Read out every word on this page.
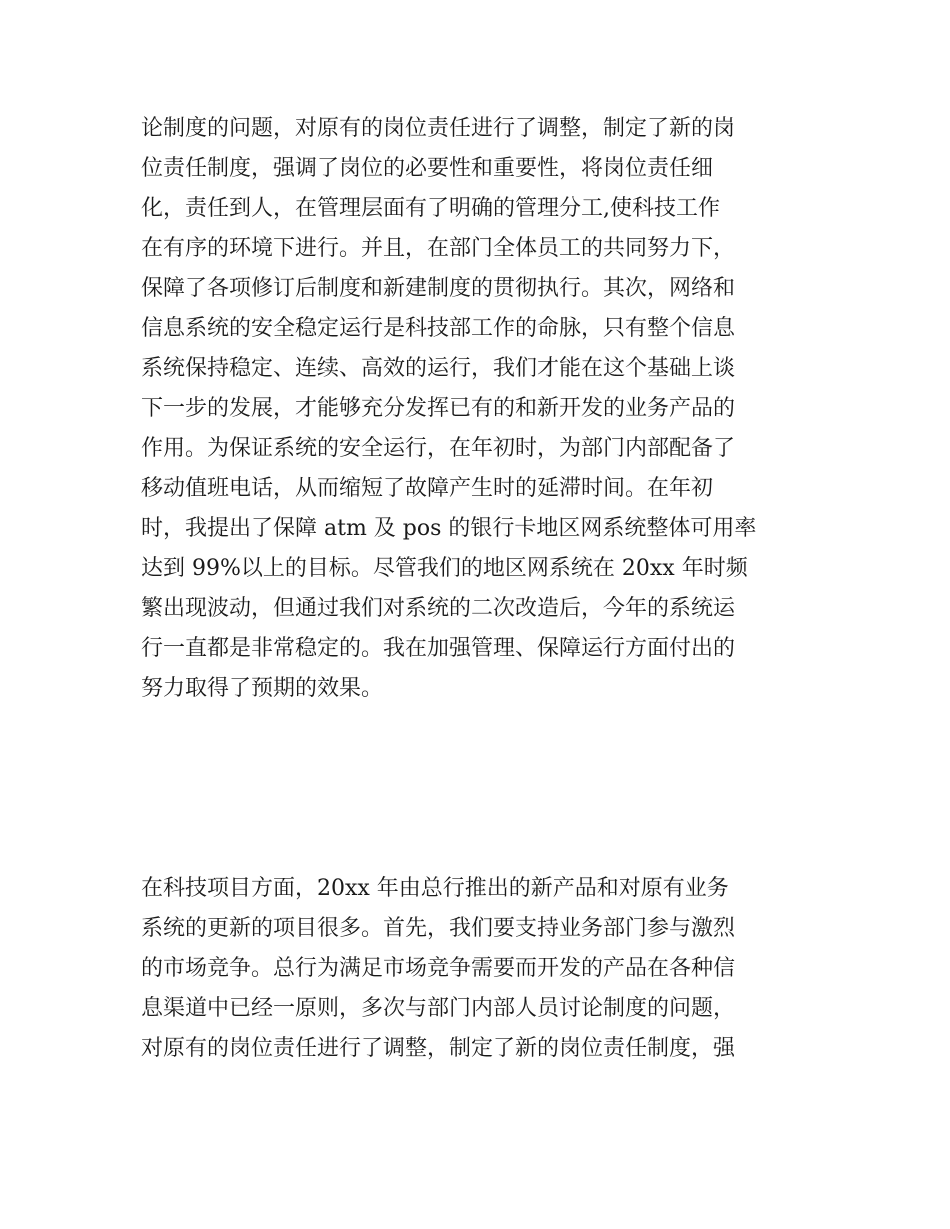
论制度的问题，对原有的岗位责任进行了调整，制定了新的岗
位责任制度，强调了岗位的必要性和重要性，将岗位责任细
化，责任到人，在管理层面有了明确的管理分工,使科技工作
在有序的环境下进行。并且，在部门全体员工的共同努力下，
保障了各项修订后制度和新建制度的贯彻执行。其次，网络和
信息系统的安全稳定运行是科技部工作的命脉，只有整个信息
系统保持稳定、连续、高效的运行，我们才能在这个基础上谈
下一步的发展，才能够充分发挥已有的和新开发的业务产品的
作用。为保证系统的安全运行，在年初时，为部门内部配备了
移动值班电话，从而缩短了故障产生时的延滞时间。在年初
时，我提出了保障 atm 及 pos 的银行卡地区网系统整体可用率
达到 99%以上的目标。尽管我们的地区网系统在 20xx 年时频
繁出现波动，但通过我们对系统的二次改造后，今年的系统运
行一直都是非常稳定的。我在加强管理、保障运行方面付出的
努力取得了预期的效果。
在科技项目方面，20xx 年由总行推出的新产品和对原有业务
系统的更新的项目很多。首先，我们要支持业务部门参与激烈
的市场竞争。总行为满足市场竞争需要而开发的产品在各种信
息渠道中已经一原则，多次与部门内部人员讨论制度的问题，
对原有的岗位责任进行了调整，制定了新的岗位责任制度，强
